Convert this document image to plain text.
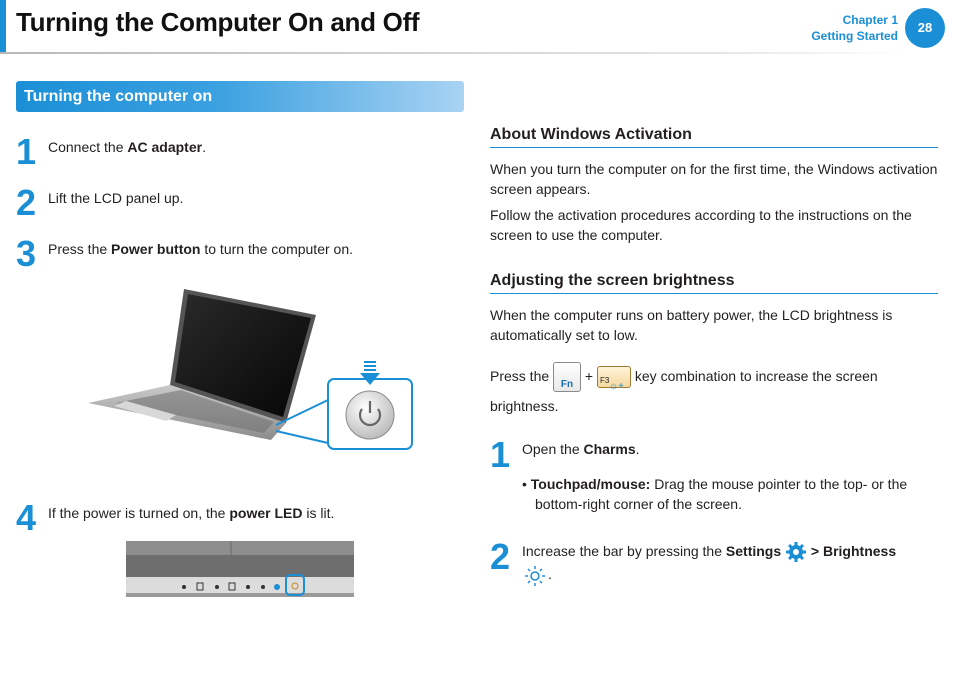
Turning the Computer On and Off	Chapter 1
Getting Started
28
Turning the computer on
1 Connect the AC adapter.
2 Lift the LCD panel up.
3 Press the Power button to turn the computer on.
4 If the power is turned on, the power LED is lit.
About Windows Activation
When you turn the computer on for the first time, the Windows activation screen appears.
Follow the activation procedures according to the instructions on the screen to use the computer.
Adjusting the screen brightness
When the computer runs on battery power, the LCD brightness is automatically set to low.
Press the
Fn
+ F3
☼+
key combination to increase the screen brightness.
1 Open the Charms.
• Touchpad/mouse: Drag the mouse pointer to the top- or the bottom-right corner of the screen.
2 Increase the bar by pressing the Settings  > Brightness
.
